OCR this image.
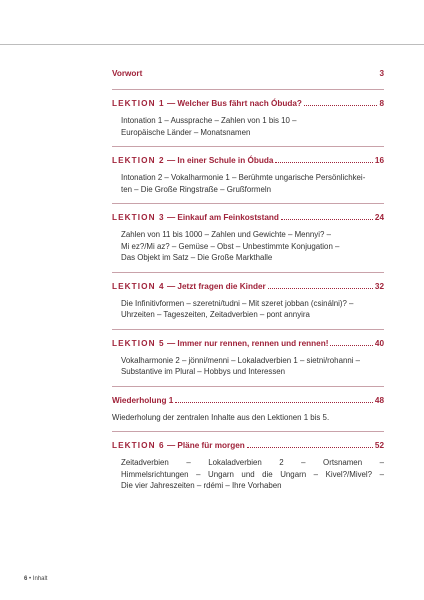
Vorwort	3
LEKTION 1 — Welcher Bus fährt nach Óbuda?	8
Intonation 1 – Aussprache – Zahlen von 1 bis 10 –
Europäische Länder – Monatsnamen
LEKTION 2 — In einer Schule in Óbuda	16
Intonation 2 – Vokalharmonie 1 – Berühmte ungarische Persönlichkei-
ten – Die Große Ringstraße – Grußformeln
LEKTION 3 — Einkauf am Feinkoststand	24
Zahlen von 11 bis 1000 – Zahlen und Gewichte – Mennyi? –
Mi ez?/Mi az? – Gemüse – Obst – Unbestimmte Konjugation –
Das Objekt im Satz – Die Große Markthalle
LEKTION 4 — Jetzt fragen die Kinder	32
Die Infinitivformen – szeretni/tudni – Mit szeret jobban (csinálni)? –
Uhrzeiten – Tageszeiten, Zeitadverbien – pont annyira
LEKTION 5 — Immer nur rennen, rennen und rennen!	40
Vokalharmonie 2 – jönni/menni – Lokaladverbien 1 – sietni/rohanni –
Substantive im Plural – Hobbys und Interessen
Wiederholung 1	48
Wiederholung der zentralen Inhalte aus den Lektionen 1 bis 5.
LEKTION 6 — Pläne für morgen	52
Zeitadverbien – Lokaladverbien 2 – Ortsnamen –
Himmelsrichtungen – Ungarn und die Ungarn – Kivel?/Mivel? –
Die vier Jahreszeiten – rdémi – Ihre Vorhaben
6 • Inhalt
